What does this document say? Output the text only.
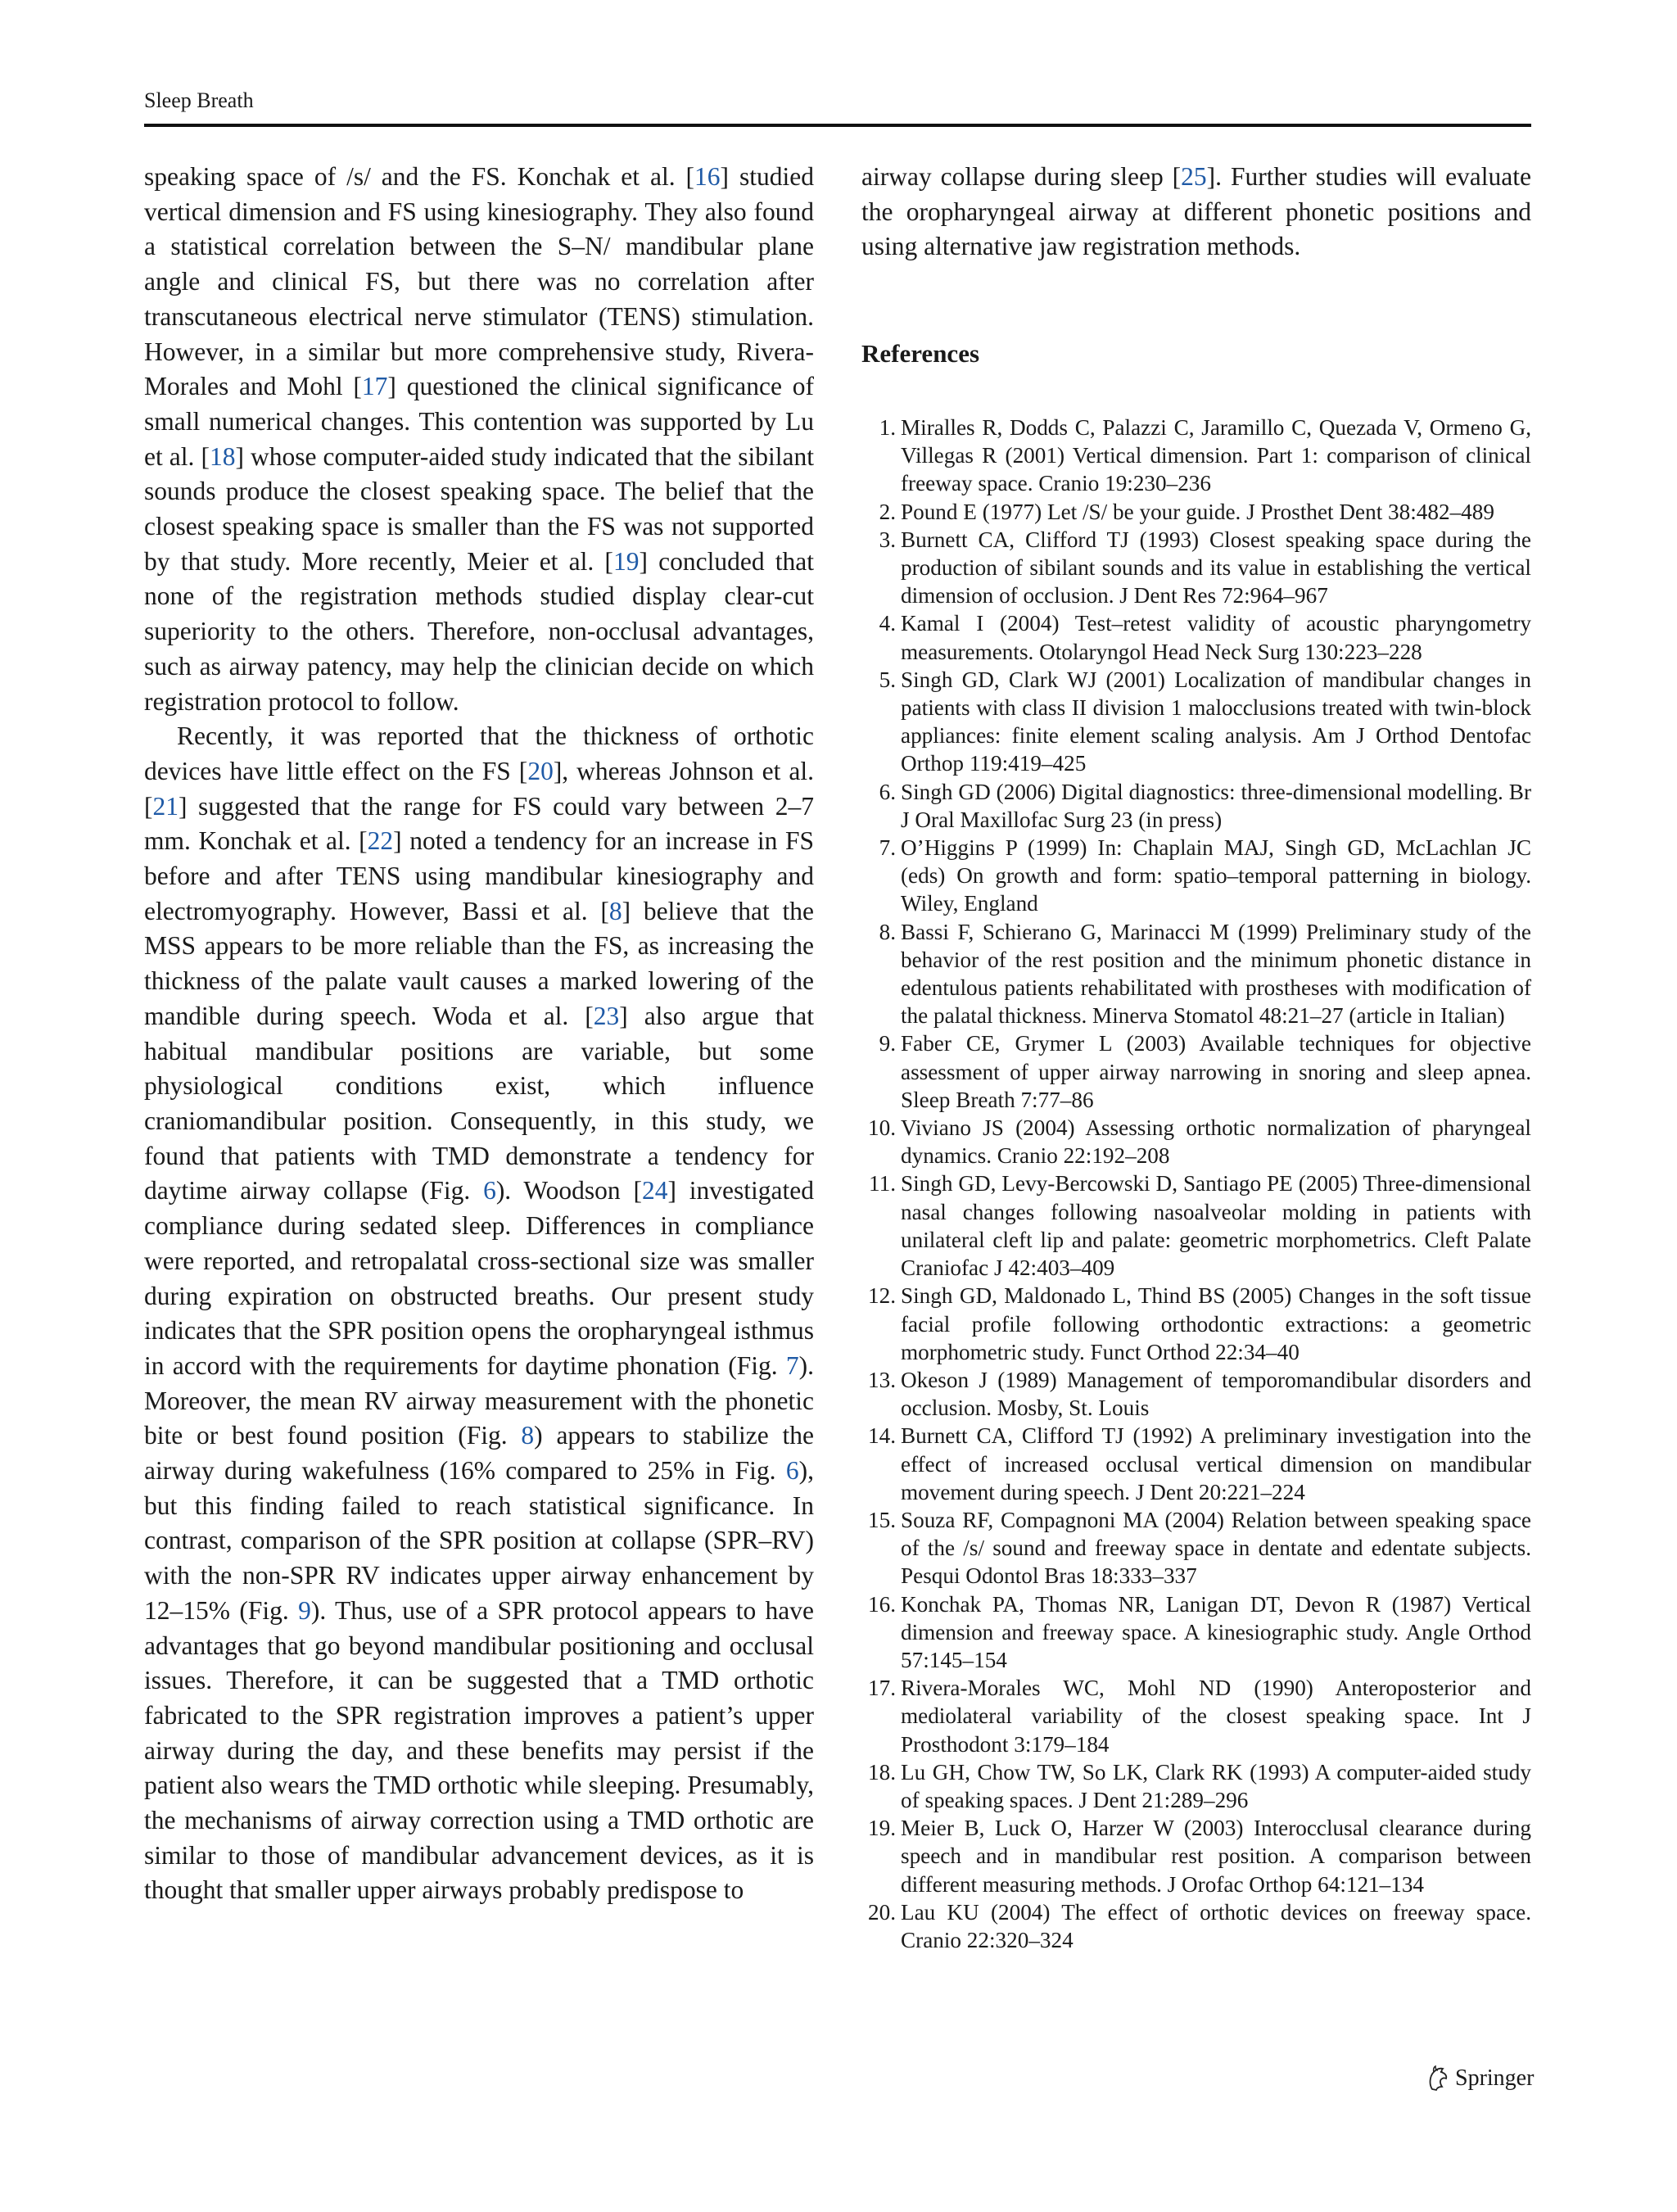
Sleep Breath

speaking space of /s/ and the FS. Konchak et al. [16] studied vertical dimension and FS using kinesiography. They also found a statistical correlation between the S–N/ mandibular plane angle and clinical FS, but there was no correlation after transcutaneous electrical nerve stimulator (TENS) stimulation. However, in a similar but more comprehensive study, Rivera-Morales and Mohl [17] questioned the clinical significance of small numerical changes. This contention was supported by Lu et al. [18] whose computer-aided study indicated that the sibilant sounds produce the closest speaking space. The belief that the closest speaking space is smaller than the FS was not supported by that study. More recently, Meier et al. [19] concluded that none of the registration methods studied display clear-cut superiority to the others. Therefore, non-occlusal advantages, such as airway patency, may help the clinician decide on which registration protocol to follow.

Recently, it was reported that the thickness of orthotic devices have little effect on the FS [20], whereas Johnson et al. [21] suggested that the range for FS could vary between 2–7 mm. Konchak et al. [22] noted a tendency for an increase in FS before and after TENS using mandibular kinesiography and electromyography. However, Bassi et al. [8] believe that the MSS appears to be more reliable than the FS, as increasing the thickness of the palate vault causes a marked lowering of the mandible during speech. Woda et al. [23] also argue that habitual mandibular positions are variable, but some physiological conditions exist, which influence craniomandibular position. Consequently, in this study, we found that patients with TMD demonstrate a tendency for daytime airway collapse (Fig. 6). Woodson [24] investigated compliance during sedated sleep. Differences in compliance were reported, and retropalatal cross-sectional size was smaller during expiration on obstructed breaths. Our present study indicates that the SPR position opens the oropharyngeal isthmus in accord with the requirements for daytime phonation (Fig. 7). Moreover, the mean RV airway measurement with the phonetic bite or best found position (Fig. 8) appears to stabilize the airway during wakefulness (16% compared to 25% in Fig. 6), but this finding failed to reach statistical significance. In contrast, comparison of the SPR position at collapse (SPR–RV) with the non-SPR RV indicates upper airway enhancement by 12–15% (Fig. 9). Thus, use of a SPR protocol appears to have advantages that go beyond mandibular positioning and occlusal issues. Therefore, it can be suggested that a TMD orthotic fabricated to the SPR registration improves a patient’s upper airway during the day, and these benefits may persist if the patient also wears the TMD orthotic while sleeping. Presumably, the mechanisms of airway correction using a TMD orthotic are similar to those of mandibular advancement devices, as it is thought that smaller upper airways probably predispose to

airway collapse during sleep [25]. Further studies will evaluate the oropharyngeal airway at different phonetic positions and using alternative jaw registration methods.

References
1. Miralles R, Dodds C, Palazzi C, Jaramillo C, Quezada V, Ormeno G, Villegas R (2001) Vertical dimension. Part 1: comparison of clinical freeway space. Cranio 19:230–236
2. Pound E (1977) Let /S/ be your guide. J Prosthet Dent 38:482–489
3. Burnett CA, Clifford TJ (1993) Closest speaking space during the production of sibilant sounds and its value in establishing the vertical dimension of occlusion. J Dent Res 72:964–967
4. Kamal I (2004) Test–retest validity of acoustic pharyngometry measurements. Otolaryngol Head Neck Surg 130:223–228
5. Singh GD, Clark WJ (2001) Localization of mandibular changes in patients with class II division 1 malocclusions treated with twin-block appliances: finite element scaling analysis. Am J Orthod Dentofac Orthop 119:419–425
6. Singh GD (2006) Digital diagnostics: three-dimensional modelling. Br J Oral Maxillofac Surg 23 (in press)
7. O’Higgins P (1999) In: Chaplain MAJ, Singh GD, McLachlan JC (eds) On growth and form: spatio–temporal patterning in biology. Wiley, England
8. Bassi F, Schierano G, Marinacci M (1999) Preliminary study of the behavior of the rest position and the minimum phonetic distance in edentulous patients rehabilitated with prostheses with modification of the palatal thickness. Minerva Stomatol 48:21–27 (article in Italian)
9. Faber CE, Grymer L (2003) Available techniques for objective assessment of upper airway narrowing in snoring and sleep apnea. Sleep Breath 7:77–86
10. Viviano JS (2004) Assessing orthotic normalization of pharyngeal dynamics. Cranio 22:192–208
11. Singh GD, Levy-Bercowski D, Santiago PE (2005) Three-dimensional nasal changes following nasoalveolar molding in patients with unilateral cleft lip and palate: geometric morphometrics. Cleft Palate Craniofac J 42:403–409
12. Singh GD, Maldonado L, Thind BS (2005) Changes in the soft tissue facial profile following orthodontic extractions: a geometric morphometric study. Funct Orthod 22:34–40
13. Okeson J (1989) Management of temporomandibular disorders and occlusion. Mosby, St. Louis
14. Burnett CA, Clifford TJ (1992) A preliminary investigation into the effect of increased occlusal vertical dimension on mandibular movement during speech. J Dent 20:221–224
15. Souza RF, Compagnoni MA (2004) Relation between speaking space of the /s/ sound and freeway space in dentate and edentate subjects. Pesqui Odontol Bras 18:333–337
16. Konchak PA, Thomas NR, Lanigan DT, Devon R (1987) Vertical dimension and freeway space. A kinesiographic study. Angle Orthod 57:145–154
17. Rivera-Morales WC, Mohl ND (1990) Anteroposterior and mediolateral variability of the closest speaking space. Int J Prosthodont 3:179–184
18. Lu GH, Chow TW, So LK, Clark RK (1993) A computer-aided study of speaking spaces. J Dent 21:289–296
19. Meier B, Luck O, Harzer W (2003) Interocclusal clearance during speech and in mandibular rest position. A comparison between different measuring methods. J Orofac Orthop 64:121–134
20. Lau KU (2004) The effect of orthotic devices on freeway space. Cranio 22:320–324
Springer
